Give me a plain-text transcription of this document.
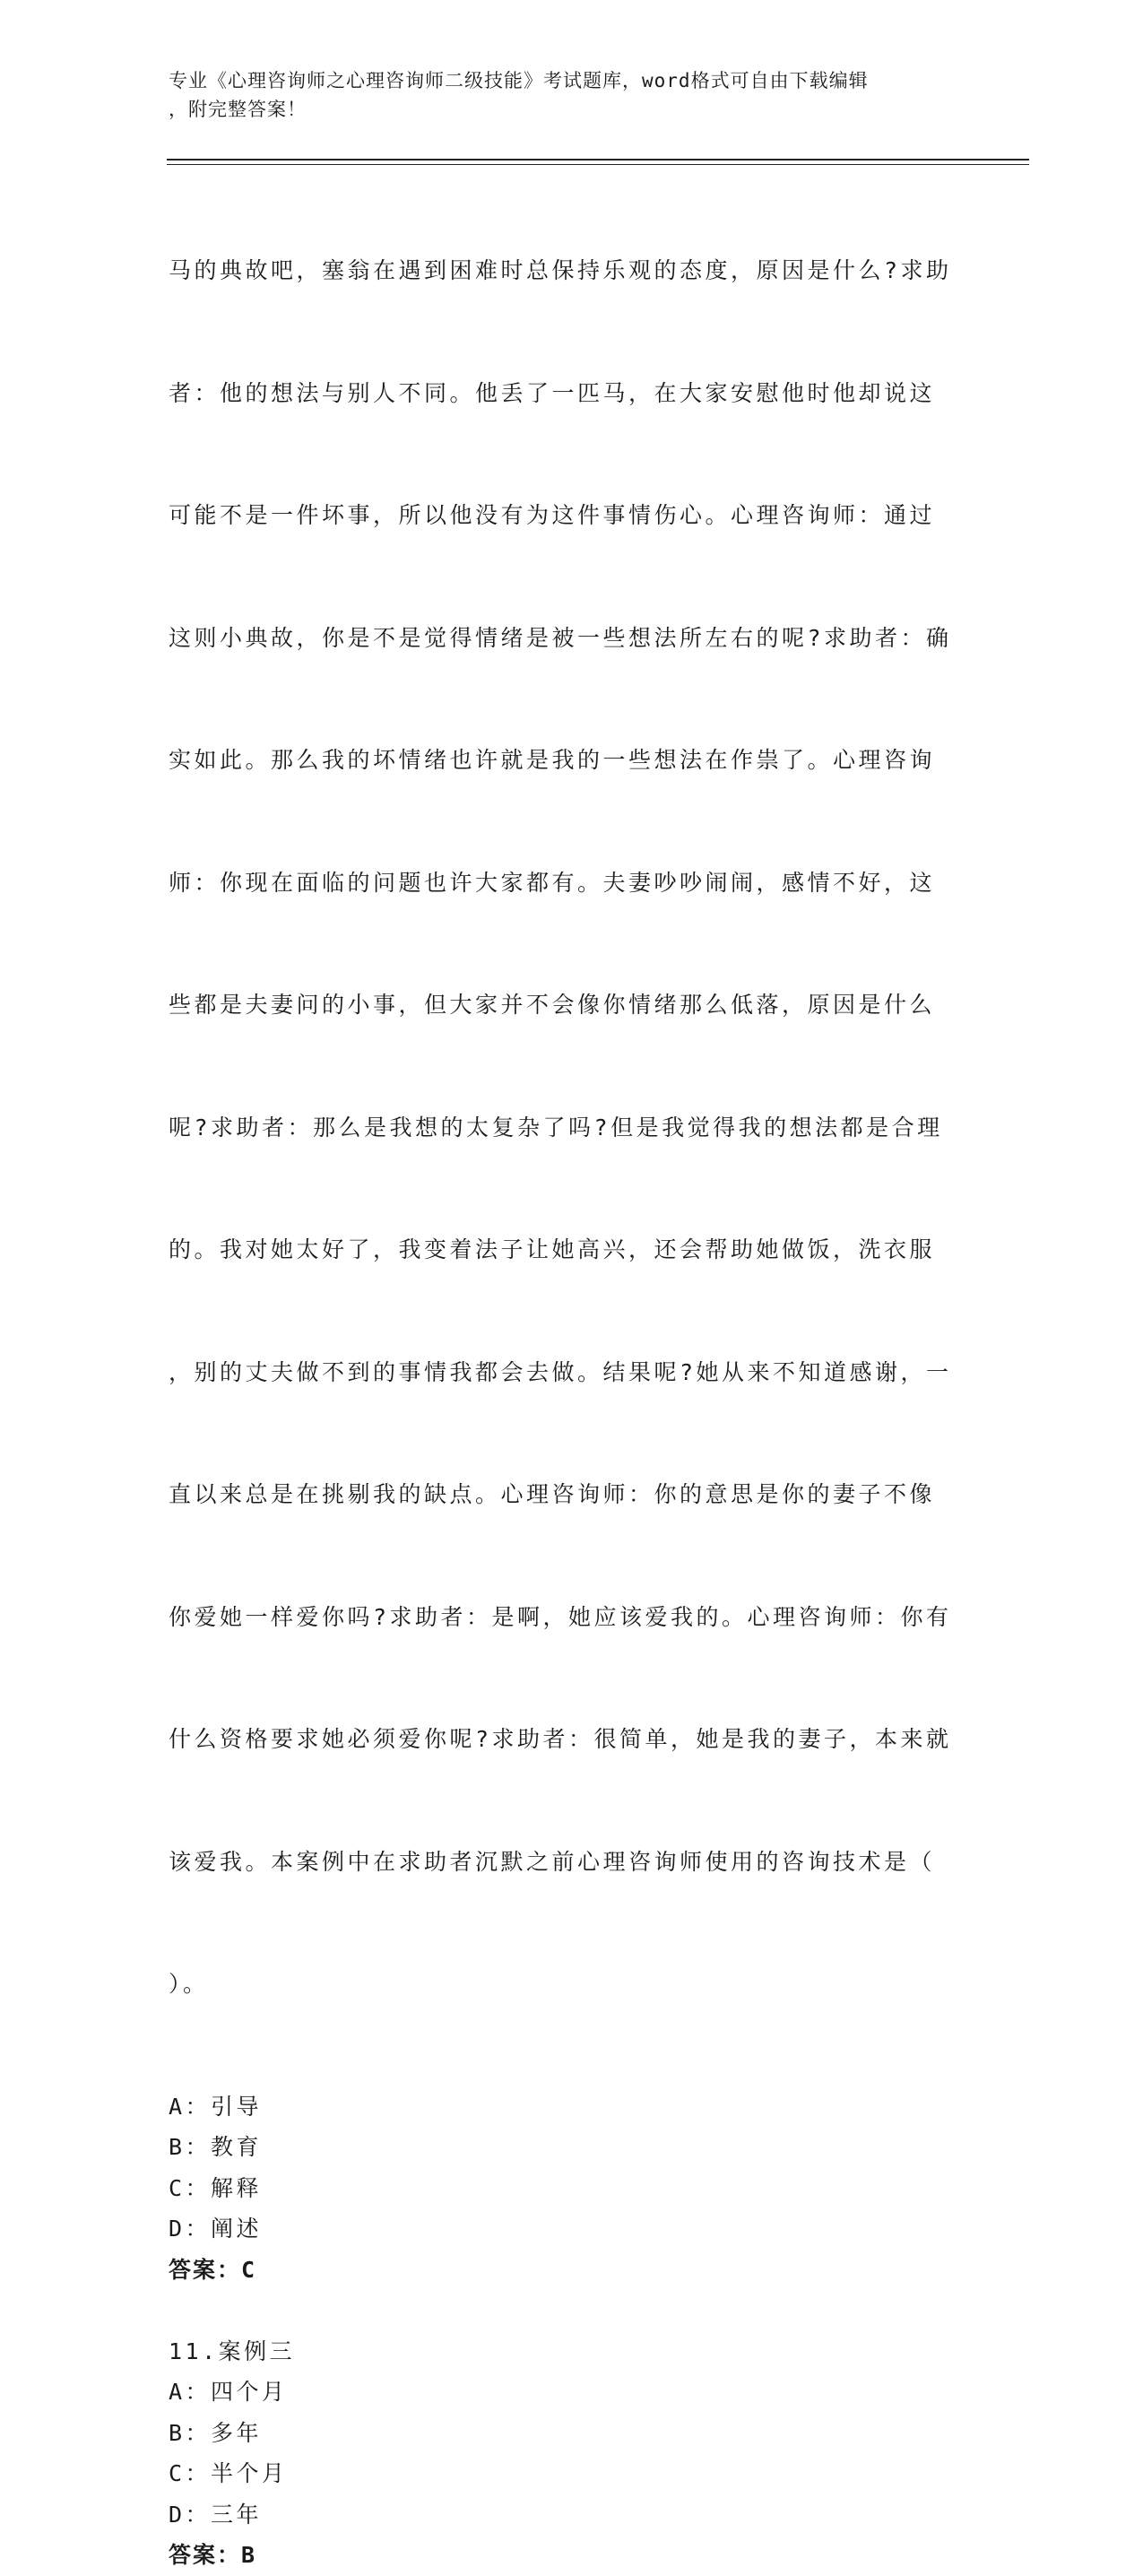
专业《心理咨询师之心理咨询师二级技能》考试题库，word格式可自由下载编辑
，附完整答案！

马的典故吧，塞翁在遇到困难时总保持乐观的态度，原因是什么?求助

者：他的想法与别人不同。他丢了一匹马，在大家安慰他时他却说这

可能不是一件坏事，所以他没有为这件事情伤心。心理咨询师：通过

这则小典故，你是不是觉得情绪是被一些想法所左右的呢?求助者：确

实如此。那么我的坏情绪也许就是我的一些想法在作祟了。心理咨询

师：你现在面临的问题也许大家都有。夫妻吵吵闹闹，感情不好，这

些都是夫妻问的小事，但大家并不会像你情绪那么低落，原因是什么

呢?求助者：那么是我想的太复杂了吗?但是我觉得我的想法都是合理

的。我对她太好了，我变着法子让她高兴，还会帮助她做饭，洗衣服

，别的丈夫做不到的事情我都会去做。结果呢?她从来不知道感谢，一

直以来总是在挑剔我的缺点。心理咨询师：你的意思是你的妻子不像

你爱她一样爱你吗?求助者：是啊，她应该爱我的。心理咨询师：你有

什么资格要求她必须爱你呢?求助者：很简单，她是我的妻子，本来就

该爱我。本案例中在求助者沉默之前心理咨询师使用的咨询技术是（

）。

A：引导
B：教育
C：解释
D：阐述
答案：C
11.案例三
A：四个月
B：多年
C：半个月
D：三年
答案：B
